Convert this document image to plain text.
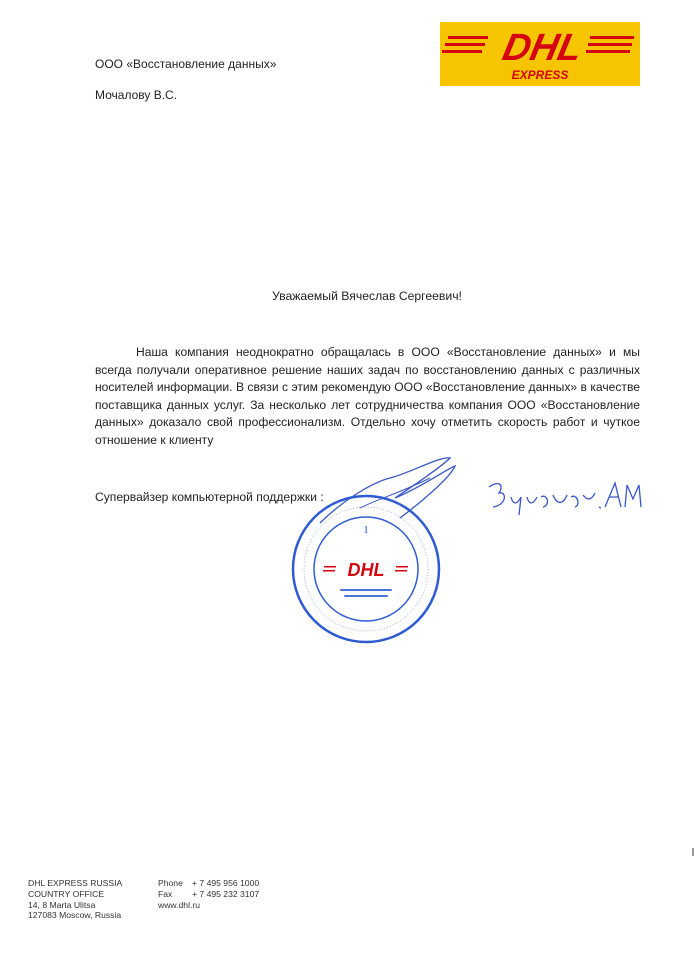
DHL
EXPRESS
ООО «Восстановление данных»
Мочалову В.С.
Уважаемый Вячеслав Сергеевич!
Наша компания неоднократно обращалась в ООО «Восстановление данных» и мы всегда получали оперативное решение наших задач по восстановлению данных с различных носителей информации. В связи с этим рекомендую ООО «Восстановление данных» в качестве поставщика данных услуг. За несколько лет сотрудничества компания ООО «Восстановление данных» доказало свой профессионализм. Отдельно хочу отметить скорость работ и чуткое отношение к клиенту
Супервайзер компьютерной поддержки :
1
DHL
DHL EXPRESS RUSSIA
COUNTRY OFFICE
14, 8 Marta Ulitsa
127083 Moscow, Russia
Phone + 7 495 956 1000
Fax + 7 495 232 3107
www.dhl.ru
